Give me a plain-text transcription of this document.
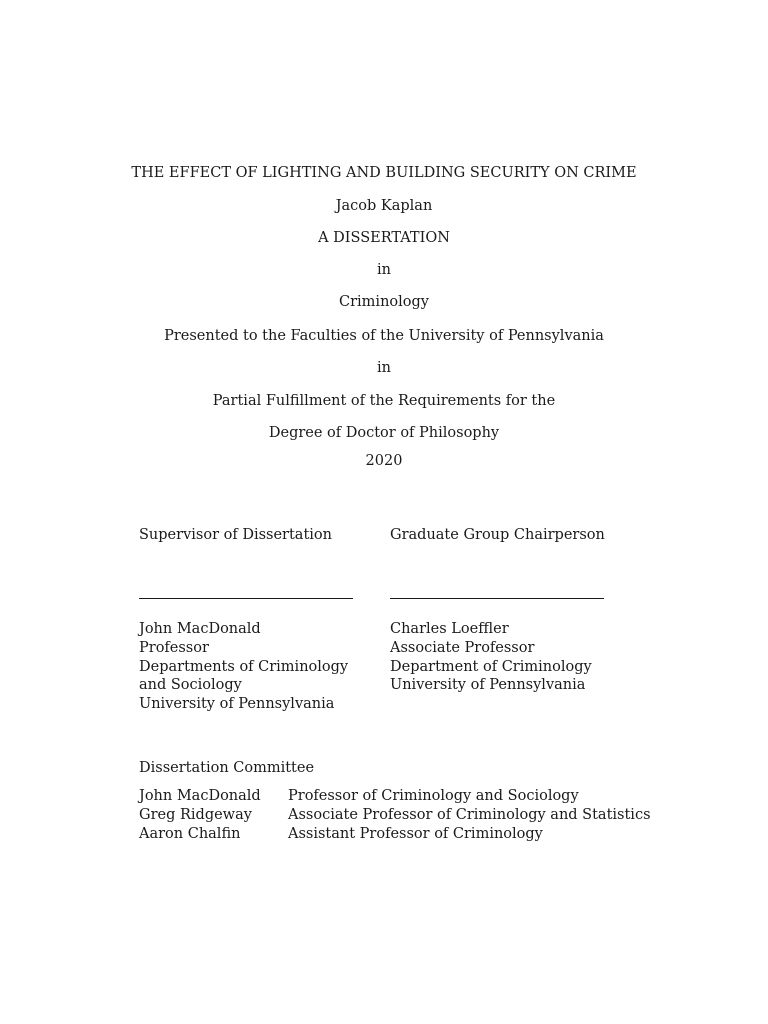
THE EFFECT OF LIGHTING AND BUILDING SECURITY ON CRIME
Jacob Kaplan
A DISSERTATION
in
Criminology
Presented to the Faculties of the University of Pennsylvania
in
Partial Fulfillment of the Requirements for the
Degree of Doctor of Philosophy
2020
Supervisor of Dissertation
John MacDonald
Professor
Departments of Criminology
and Sociology
University of Pennsylvania
Graduate Group Chairperson
Charles Loeffler
Associate Professor
Department of Criminology
University of Pennsylvania
Dissertation Committee
John MacDonald
Greg Ridgeway
Aaron Chalfin
Professor of Criminology and Sociology
Associate Professor of Criminology and Statistics
Assistant Professor of Criminology
